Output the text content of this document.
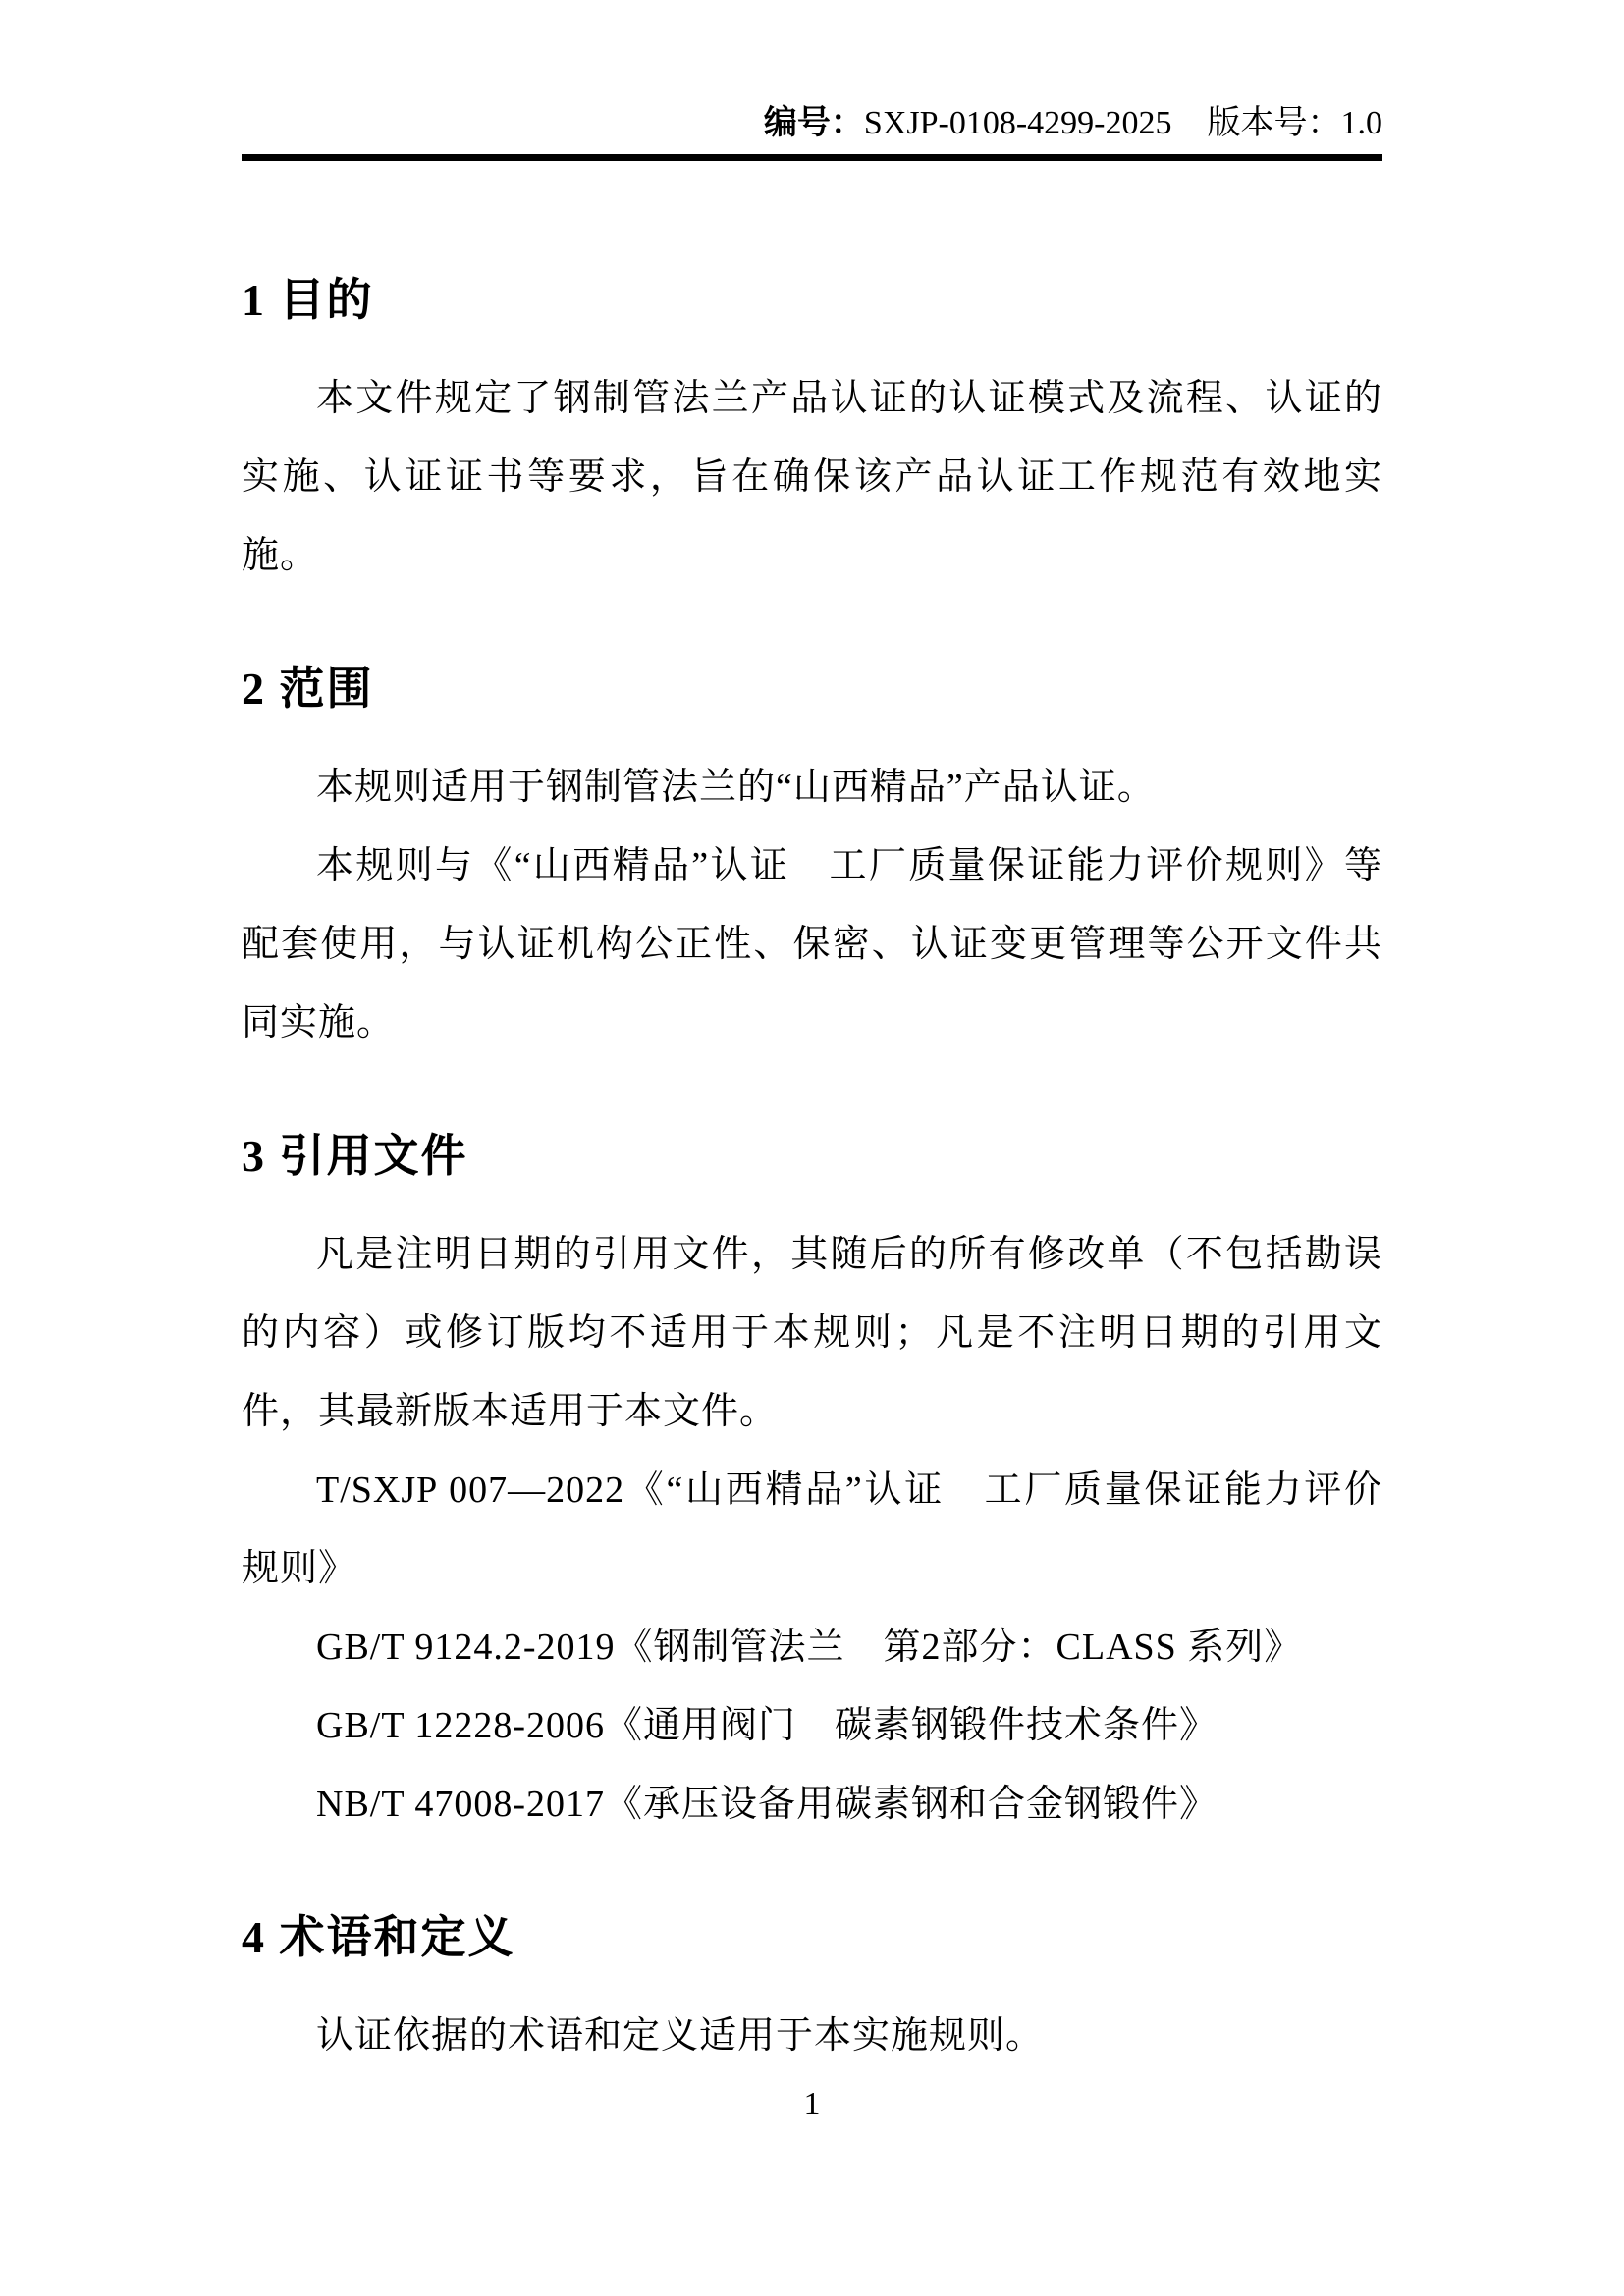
编号：SXJP-0108-4299-2025 版本号：1.0
1 目的

本文件规定了钢制管法兰产品认证的认证模式及流程、认证的实施、认证证书等要求，旨在确保该产品认证工作规范有效地实施。

2 范围

本规则适用于钢制管法兰的“山西精品”产品认证。

本规则与《“山西精品”认证　工厂质量保证能力评价规则》等配套使用，与认证机构公正性、保密、认证变更管理等公开文件共同实施。

3 引用文件

凡是注明日期的引用文件，其随后的所有修改单（不包括勘误的内容）或修订版均不适用于本规则；凡是不注明日期的引用文件，其最新版本适用于本文件。

T/SXJP 007—2022《“山西精品”认证　工厂质量保证能力评价规则》

GB/T 9124.2-2019《钢制管法兰　第2部分：CLASS 系列》

GB/T 12228-2006《通用阀门　碳素钢锻件技术条件》

NB/T 47008-2017《承压设备用碳素钢和合金钢锻件》

4 术语和定义

认证依据的术语和定义适用于本实施规则。

1
